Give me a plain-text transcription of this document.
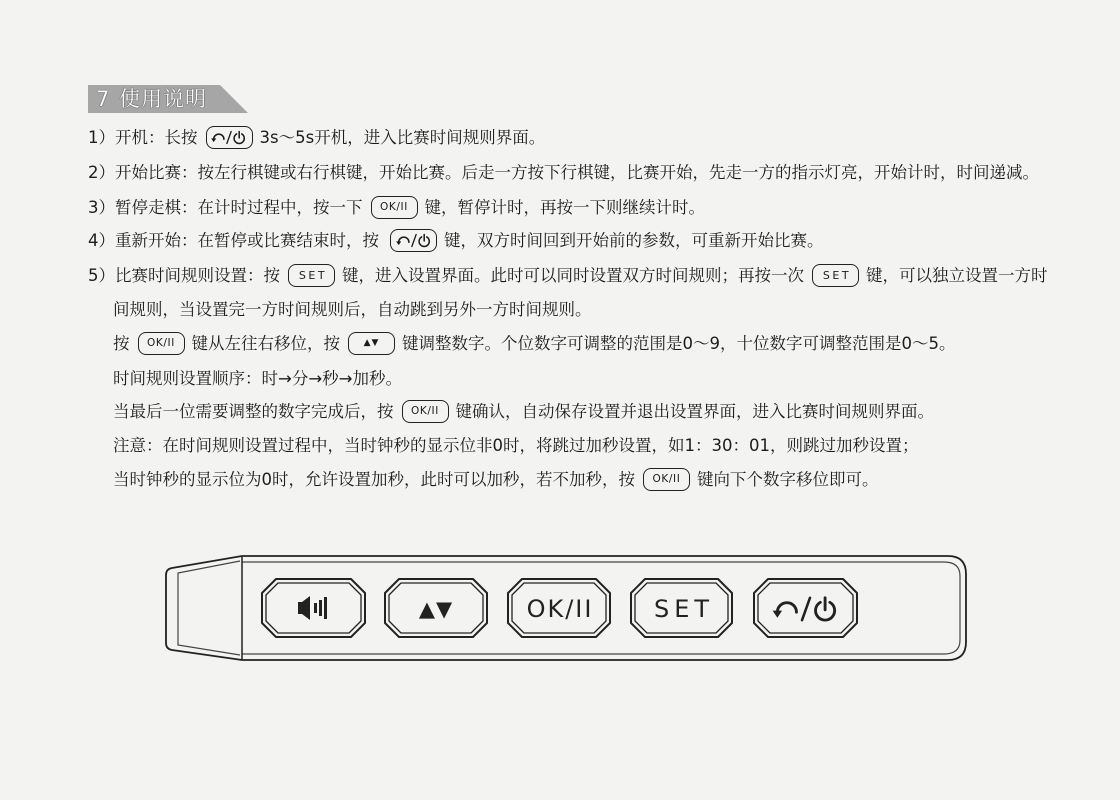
7 使用说明
1）开机：长按	3s～5s开机，进入比赛时间规则界面。
2）开始比赛：按左行棋键或右行棋键，开始比赛。后走一方按下行棋键，比赛开始，先走一方的指示灯亮，开始计时，时间递减。
3）暂停走棋：在计时过程中，按一下 OK/II 键，暂停计时，再按一下则继续计时。
4）重新开始：在暂停或比赛结束时，按	键，双方时间回到开始前的参数，可重新开始比赛。
5）比赛时间规则设置：按 SET 键，进入设置界面。此时可以同时设置双方时间规则；再按一次 SET 键，可以独立设置一方时
间规则，当设置完一方时间规则后，自动跳到另外一方时间规则。
按 OK/II 键从左往右移位，按	▲▼ 键调整数字。个位数字可调整的范围是0～9，十位数字可调整范围是0～5。
时间规则设置顺序：时→分→秒→加秒。
当最后一位需要调整的数字完成后，按 OK/II 键确认，自动保存设置并退出设置界面，进入比赛时间规则界面。
注意：在时间规则设置过程中，当时钟秒的显示位非0时，将跳过加秒设置，如1：30：01，则跳过加秒设置；
当时钟秒的显示位为0时，允许设置加秒，此时可以加秒，若不加秒，按 OK/II 键向下个数字移位即可。
▲▼	OK/II	SET
